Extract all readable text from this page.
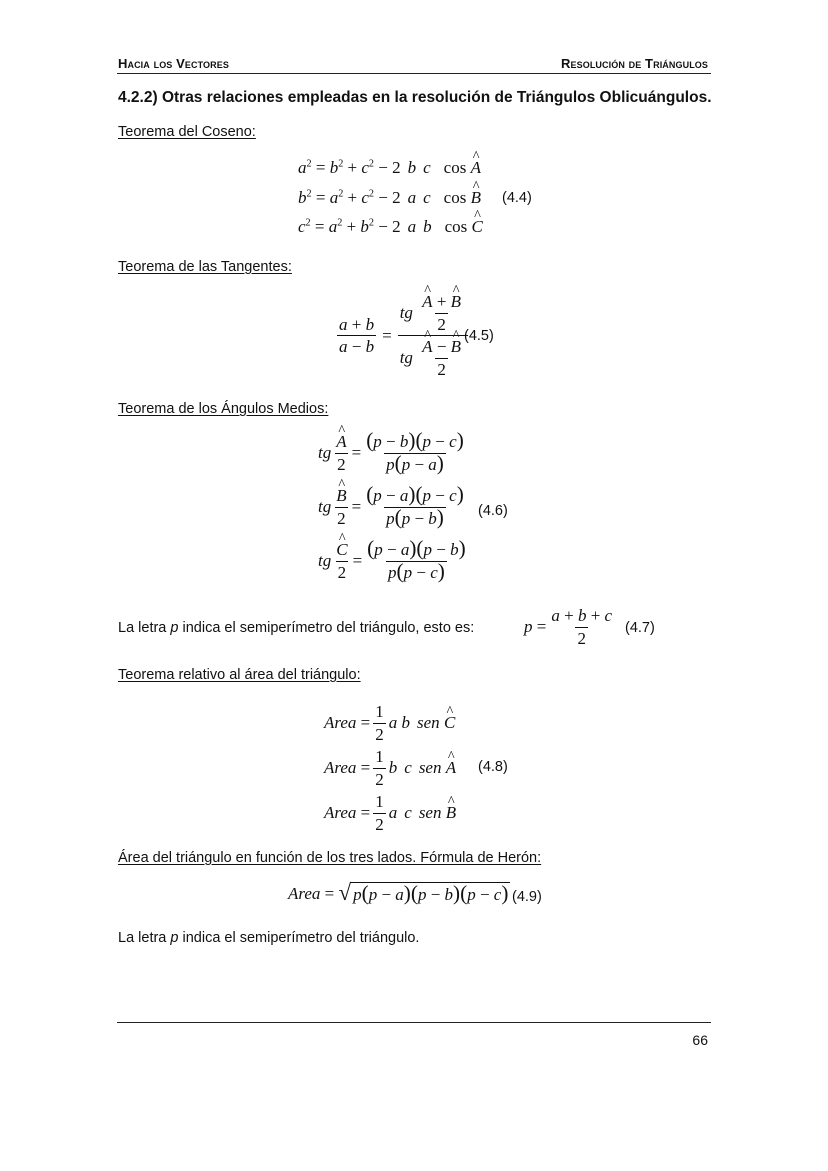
Hacia los Vectores	Resolución de Triángulos
4.2.2) Otras relaciones empleadas en la resolución de Triángulos Oblicuángulos.
Teorema del Coseno:
$a^2 = b^2 + c^2 - 2$ b c cos ^ A
$b^2 = a^2 + c^2 - 2$ a c cos ^ B (4.4)
$c^2 = a^2 + b^2 - 2$ a b cos ^ C
Teorema de las Tangentes:
$\frac{a + b}{a - b}$ = tg
^ $\frac{A + \^{} B}{2}$
tg
^ $\frac{A - \^{} B}{2}$
(4.5)
Teorema de los Ángulos Medios:
tg ^ $\frac{A}{2} = \frac{(p - b)(p - c)}{p(p - a)}$
tg ^ $\frac{B}{2} = \frac{(p - a)(p - c)}{p(p - b)} (4.6)$
tg ^ $\frac{C}{2} = \frac{(p - a)(p - b)}{p(p - c)}$
La letra p indica el semiperímetro del triángulo, esto es:	$p = \frac{a + b + c}{2} (4.7)$
Teorema relativo al área del triángulo:
Area = $\frac{1}{2}$ a
b sen
^ C
Area = $\frac{1}{2}$ b c sen
^ A (4.8)
Area = $\frac{1}{2}$ a c sen
^ B
Área del triángulo en función de los tres lados. Fórmula de Herón:
Area = √ p(p − a)(p − b)(p − c) (4.9)
La letra p indica el semiperímetro del triángulo.
66
